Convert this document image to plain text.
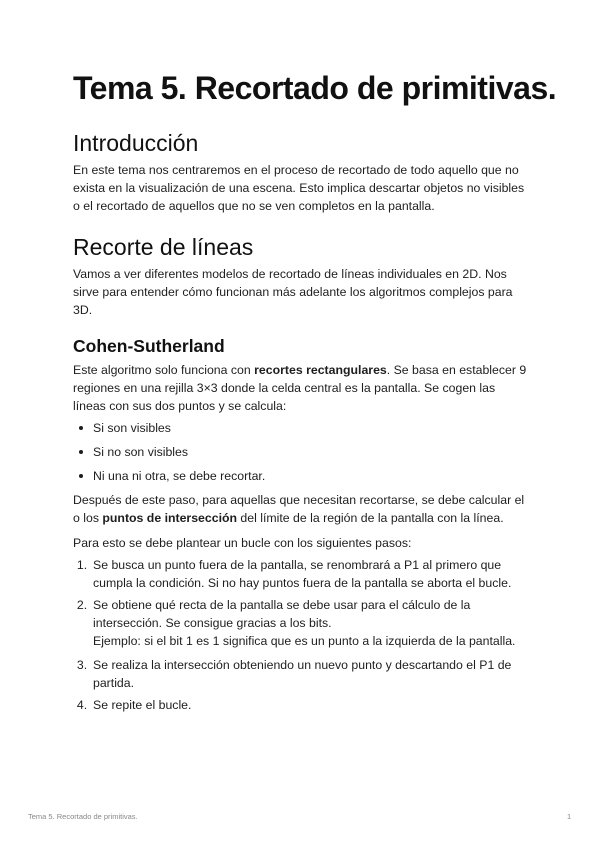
Tema 5. Recortado de primitivas.
Introducción

En este tema nos centraremos en el proceso de recortado de todo aquello que no exista en la visualización de una escena. Esto implica descartar objetos no visibles o el recortado de aquellos que no se ven completos en la pantalla.

Recorte de líneas

Vamos a ver diferentes modelos de recortado de líneas individuales en 2D. Nos sirve para entender cómo funcionan más adelante los algoritmos complejos para 3D.

Cohen-Sutherland

Este algoritmo solo funciona con recortes rectangulares. Se basa en establecer 9 regiones en una rejilla 3×3 donde la celda central es la pantalla. Se cogen las líneas con sus dos puntos y se calcula:

Si son visibles
Si no son visibles
Ni una ni otra, se debe recortar.

Después de este paso, para aquellas que necesitan recortarse, se debe calcular el o los puntos de intersección del límite de la región de la pantalla con la línea.

Para esto se debe plantear un bucle con los siguientes pasos:

1. Se busca un punto fuera de la pantalla, se renombrará a P1 al primero que cumpla la condición. Si no hay puntos fuera de la pantalla se aborta el bucle.
2. Se obtiene qué recta de la pantalla se debe usar para el cálculo de la intersección. Se consigue gracias a los bits.
Ejemplo: si el bit 1 es 1 significa que es un punto a la izquierda de la pantalla.
3. Se realiza la intersección obteniendo un nuevo punto y descartando el P1 de partida.
4. Se repite el bucle.
Tema 5. Recortado de primitivas.	1
